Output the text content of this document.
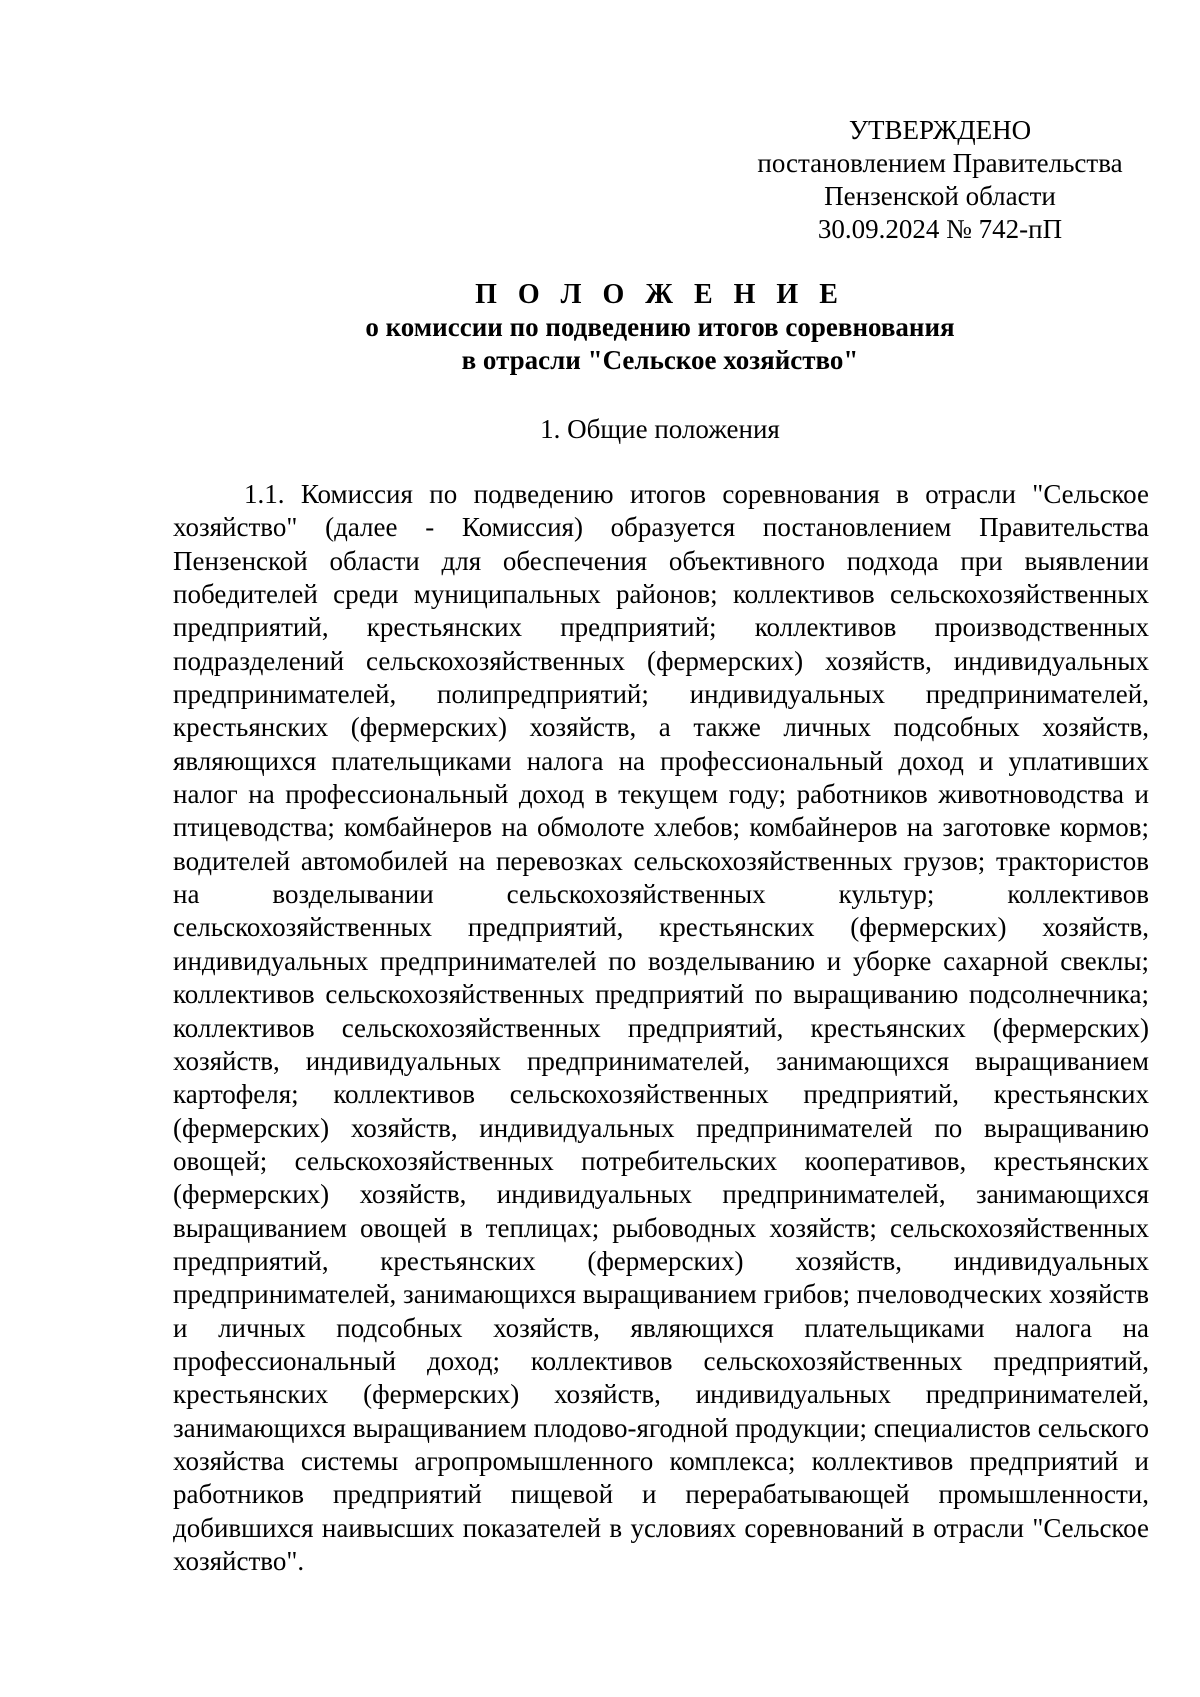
УТВЕРЖДЕНО
постановлением Правительства
Пензенской области
30.09.2024 № 742-пП
П О Л О Ж Е Н И Е
о комиссии по подведению итогов соревнования
в отрасли "Сельское хозяйство"
1. Общие положения

1.1. Комиссия по подведению итогов соревнования в отрасли "Сельское хозяйство" (далее - Комиссия) образуется постановлением Правительства Пензенской области для обеспечения объективного подхода при выявлении победителей среди муниципальных районов; коллективов сельскохозяйственных предприятий, крестьянских предприятий; коллективов производственных подразделений сельскохозяйственных (фермерских) хозяйств, индивидуальных предпринимателей, полипредприятий; индивидуальных предпринимателей, крестьянских (фермерских) хозяйств, а также личных подсобных хозяйств, являющихся плательщиками налога на профессиональный доход и уплативших налог на профессиональный доход в текущем году; работников животноводства и птицеводства; комбайнеров на обмолоте хлебов; комбайнеров на заготовке кормов; водителей автомобилей на перевозках сельскохозяйственных грузов; трактористов на возделывании сельскохозяйственных культур; коллективов сельскохозяйственных предприятий, крестьянских (фермерских) хозяйств, индивидуальных предпринимателей по возделыванию и уборке сахарной свеклы; коллективов сельскохозяйственных предприятий по выращиванию подсолнечника; коллективов сельскохозяйственных предприятий, крестьянских (фермерских) хозяйств, индивидуальных предпринимателей, занимающихся выращиванием картофеля; коллективов сельскохозяйственных предприятий, крестьянских (фермерских) хозяйств, индивидуальных предпринимателей по выращиванию овощей; сельскохозяйственных потребительских кооперативов, крестьянских (фермерских) хозяйств, индивидуальных предпринимателей, занимающихся выращиванием овощей в теплицах; рыбоводных хозяйств; сельскохозяйственных предприятий, крестьянских (фермерских) хозяйств, индивидуальных предпринимателей, занимающихся выращиванием грибов; пчеловодческих хозяйств и личных подсобных хозяйств, являющихся плательщиками налога на профессиональный доход; коллективов сельскохозяйственных предприятий, крестьянских (фермерских) хозяйств, индивидуальных предпринимателей, занимающихся выращиванием плодово-ягодной продукции; специалистов сельского хозяйства системы агропромышленного комплекса; коллективов предприятий и работников предприятий пищевой и перерабатывающей промышленности, добившихся наивысших показателей в условиях соревнований в отрасли "Сельское хозяйство".
